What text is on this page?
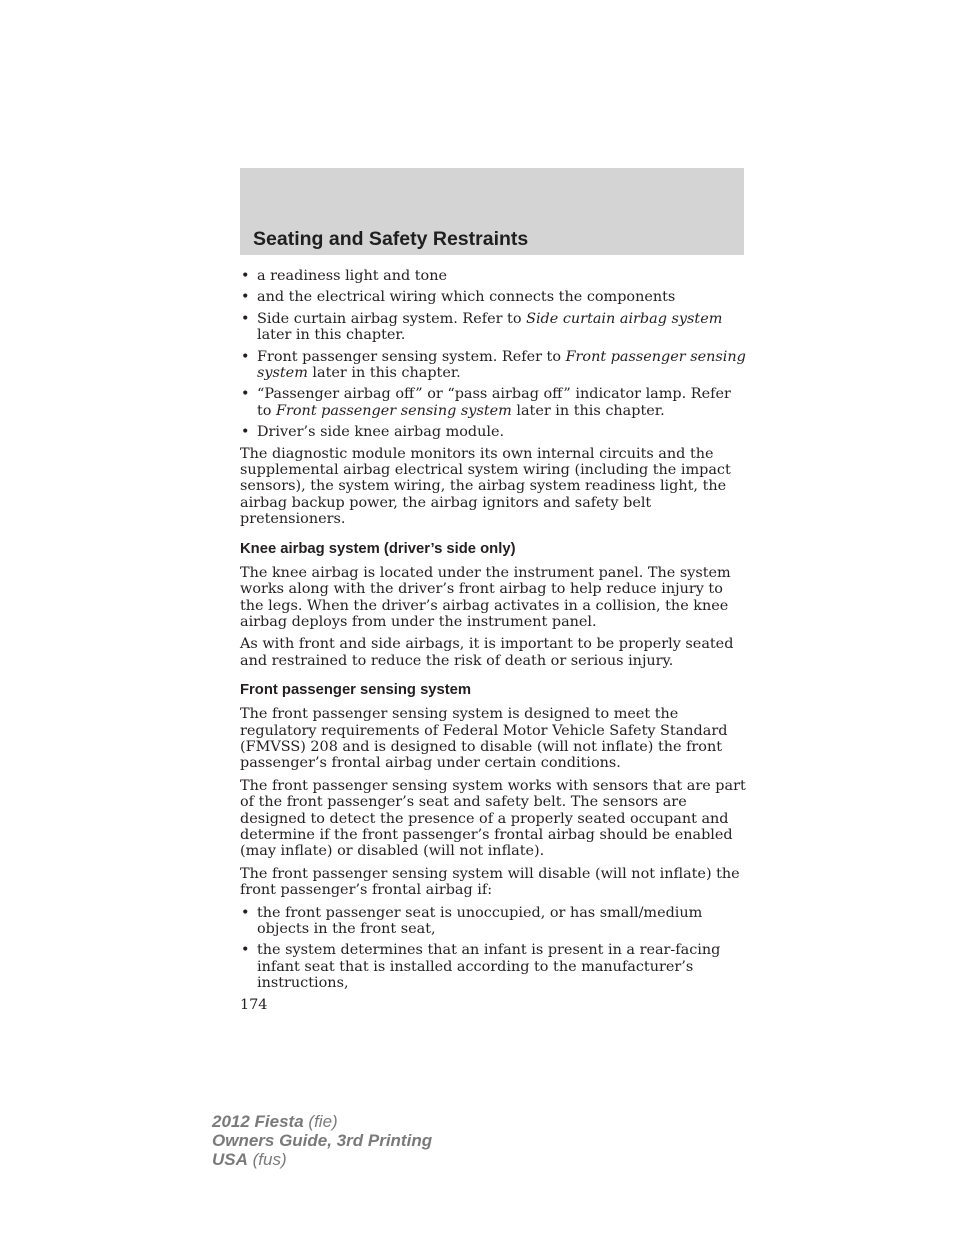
Seating and Safety Restraints
• a readiness light and tone
• and the electrical wiring which connects the components
• Side curtain airbag system. Refer to Side curtain airbag system later in this chapter.
• Front passenger sensing system. Refer to Front passenger sensing system later in this chapter.
• “Passenger airbag off” or “pass airbag off” indicator lamp. Refer to Front passenger sensing system later in this chapter.
• Driver’s side knee airbag module.

The diagnostic module monitors its own internal circuits and the supplemental airbag electrical system wiring (including the impact sensors), the system wiring, the airbag system readiness light, the airbag backup power, the airbag ignitors and safety belt pretensioners.

Knee airbag system (driver’s side only)

The knee airbag is located under the instrument panel. The system works along with the driver’s front airbag to help reduce injury to the legs. When the driver’s airbag activates in a collision, the knee airbag deploys from under the instrument panel.

As with front and side airbags, it is important to be properly seated and restrained to reduce the risk of death or serious injury.

Front passenger sensing system

The front passenger sensing system is designed to meet the regulatory requirements of Federal Motor Vehicle Safety Standard (FMVSS) 208 and is designed to disable (will not inflate) the front passenger’s frontal airbag under certain conditions.

The front passenger sensing system works with sensors that are part of the front passenger’s seat and safety belt. The sensors are designed to detect the presence of a properly seated occupant and determine if the front passenger’s frontal airbag should be enabled (may inflate) or disabled (will not inflate).

The front passenger sensing system will disable (will not inflate) the front passenger’s frontal airbag if:

• the front passenger seat is unoccupied, or has small/medium objects in the front seat,
• the system determines that an infant is present in a rear-facing infant seat that is installed according to the manufacturer’s instructions,
174
2012 Fiesta (fie)
Owners Guide, 3rd Printing
USA (fus)
